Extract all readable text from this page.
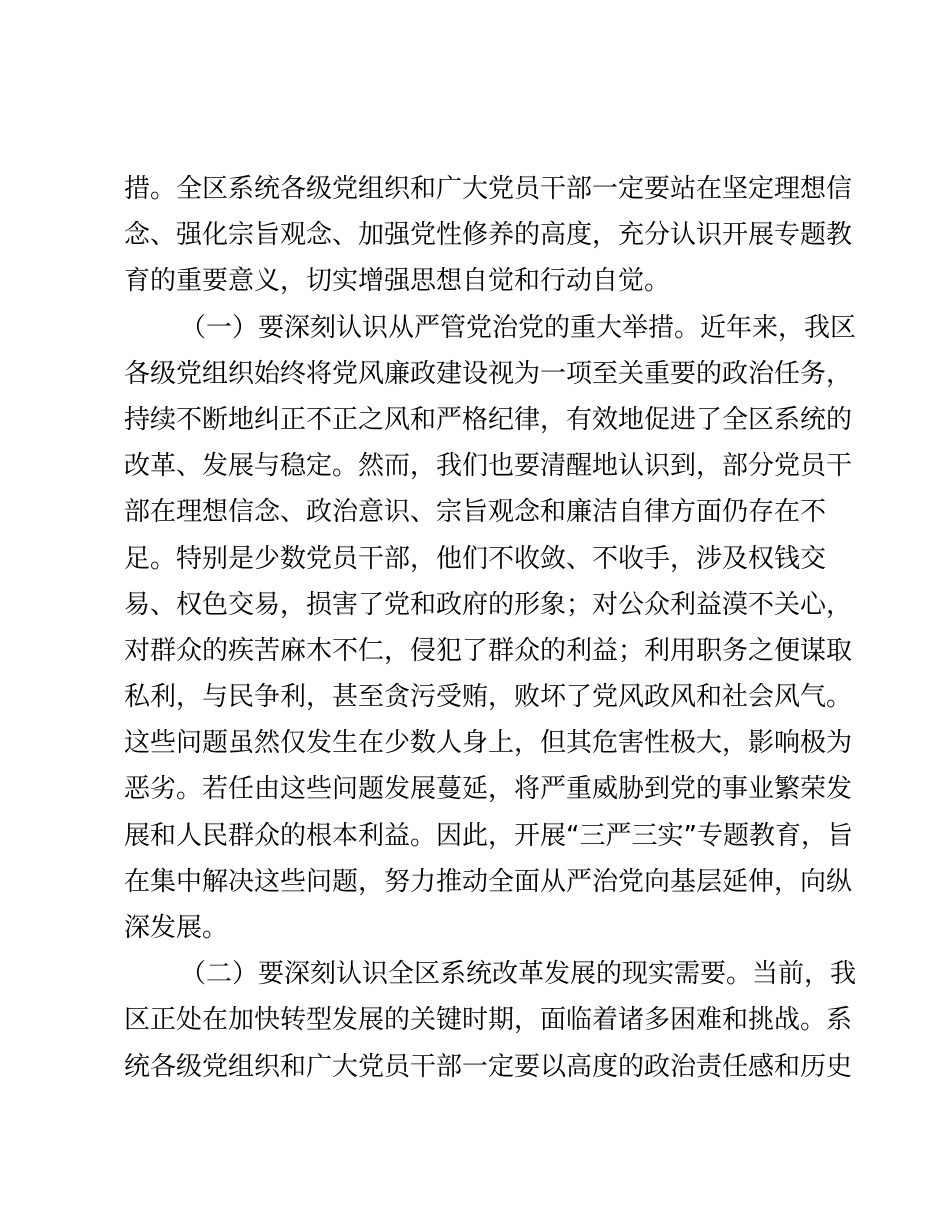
措。全区系统各级党组织和广大党员干部一定要站在坚定理想信
念、强化宗旨观念、加强党性修养的高度，充分认识开展专题教
育的重要意义，切实增强思想自觉和行动自觉。
（一）要深刻认识从严管党治党的重大举措。近年来，我区
各级党组织始终将党风廉政建设视为一项至关重要的政治任务，
持续不断地纠正不正之风和严格纪律，有效地促进了全区系统的
改革、发展与稳定。然而，我们也要清醒地认识到，部分党员干
部在理想信念、政治意识、宗旨观念和廉洁自律方面仍存在不
足。特别是少数党员干部，他们不收敛、不收手，涉及权钱交
易、权色交易，损害了党和政府的形象；对公众利益漠不关心，
对群众的疾苦麻木不仁，侵犯了群众的利益；利用职务之便谋取
私利，与民争利，甚至贪污受贿，败坏了党风政风和社会风气。
这些问题虽然仅发生在少数人身上，但其危害性极大，影响极为
恶劣。若任由这些问题发展蔓延，将严重威胁到党的事业繁荣发
展和人民群众的根本利益。因此，开展“三严三实”专题教育，旨
在集中解决这些问题，努力推动全面从严治党向基层延伸，向纵
深发展。
（二）要深刻认识全区系统改革发展的现实需要。当前，我
区正处在加快转型发展的关键时期，面临着诸多困难和挑战。系
统各级党组织和广大党员干部一定要以高度的政治责任感和历史
